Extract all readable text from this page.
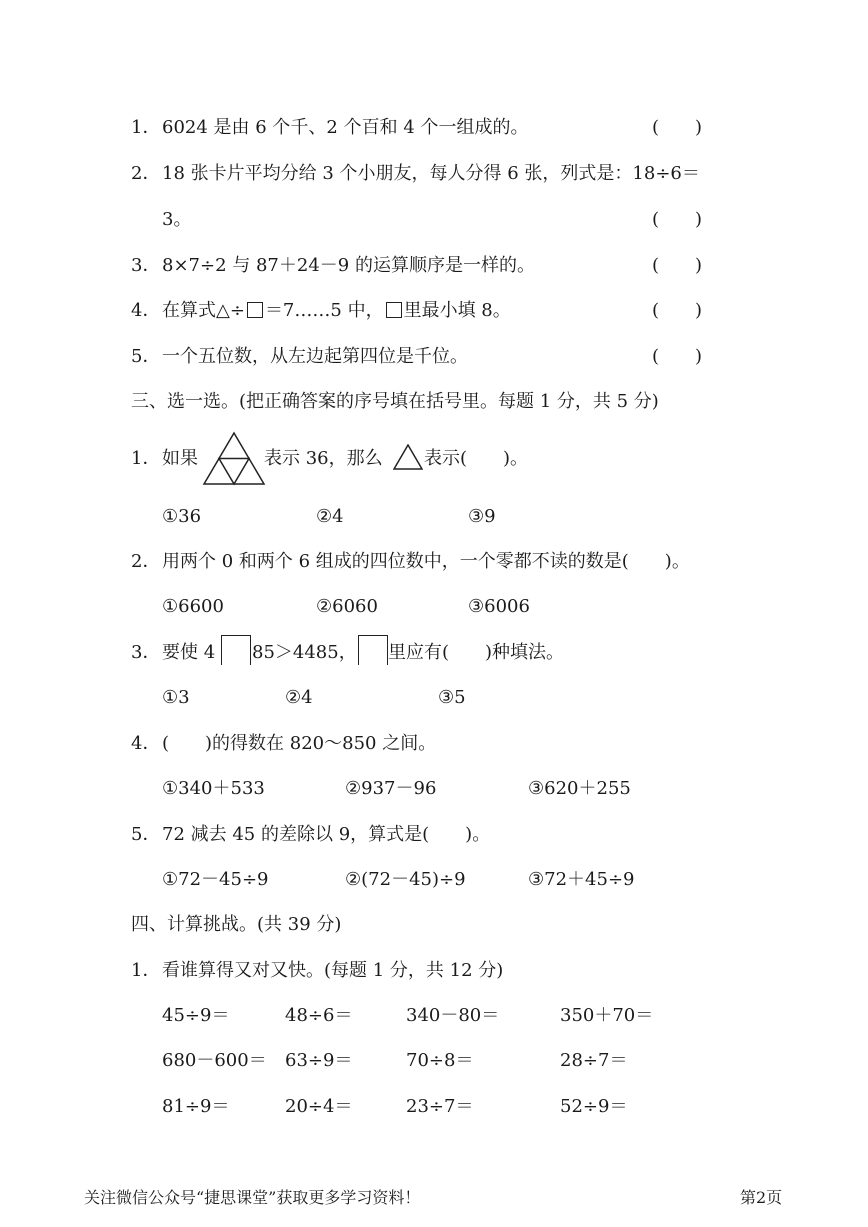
1． 6024 是由 6 个千、2 个百和 4 个一组成的。	(　　)
2． 18 张卡片平均分给 3 个小朋友，每人分得 6 张，列式是：18÷6＝
3。	(　　)
3． 8×7÷2 与 87＋24－9 的运算顺序是一样的。	(　　)
4． 在算式△÷ ＝7……5 中， 里最小填 8。	(　　)
5． 一个五位数，从左边起第四位是千位。	(　　)
三、选一选。(把正确答案的序号填在括号里。每题 1 分，共 5 分)
1． 如果	表示 36，那么 表示(　　)。
①36	②4	③9
2． 用两个 0 和两个 6 组成的四位数中，一个零都不读的数是(　　)。
①6600	②6060	③6006
3． 要使 4 85＞4485， 里应有(　　)种填法。
①3	②4	③5
4． (　　)的得数在 820～850 之间。
①340＋533	②937－96	③620＋255
5． 72 减去 45 的差除以 9，算式是(　　)。
①72－45÷9	②(72－45)÷9	③72＋45÷9
四、计算挑战。(共 39 分)
1． 看谁算得又对又快。(每题 1 分，共 12 分)
45÷9＝	48÷6＝	340－80＝	350＋70＝
680－600＝ 63÷9＝	70÷8＝	28÷7＝
81÷9＝	20÷4＝	23÷7＝	52÷9＝
关注微信公众号“捷思课堂”获取更多学习资料！	第2页
